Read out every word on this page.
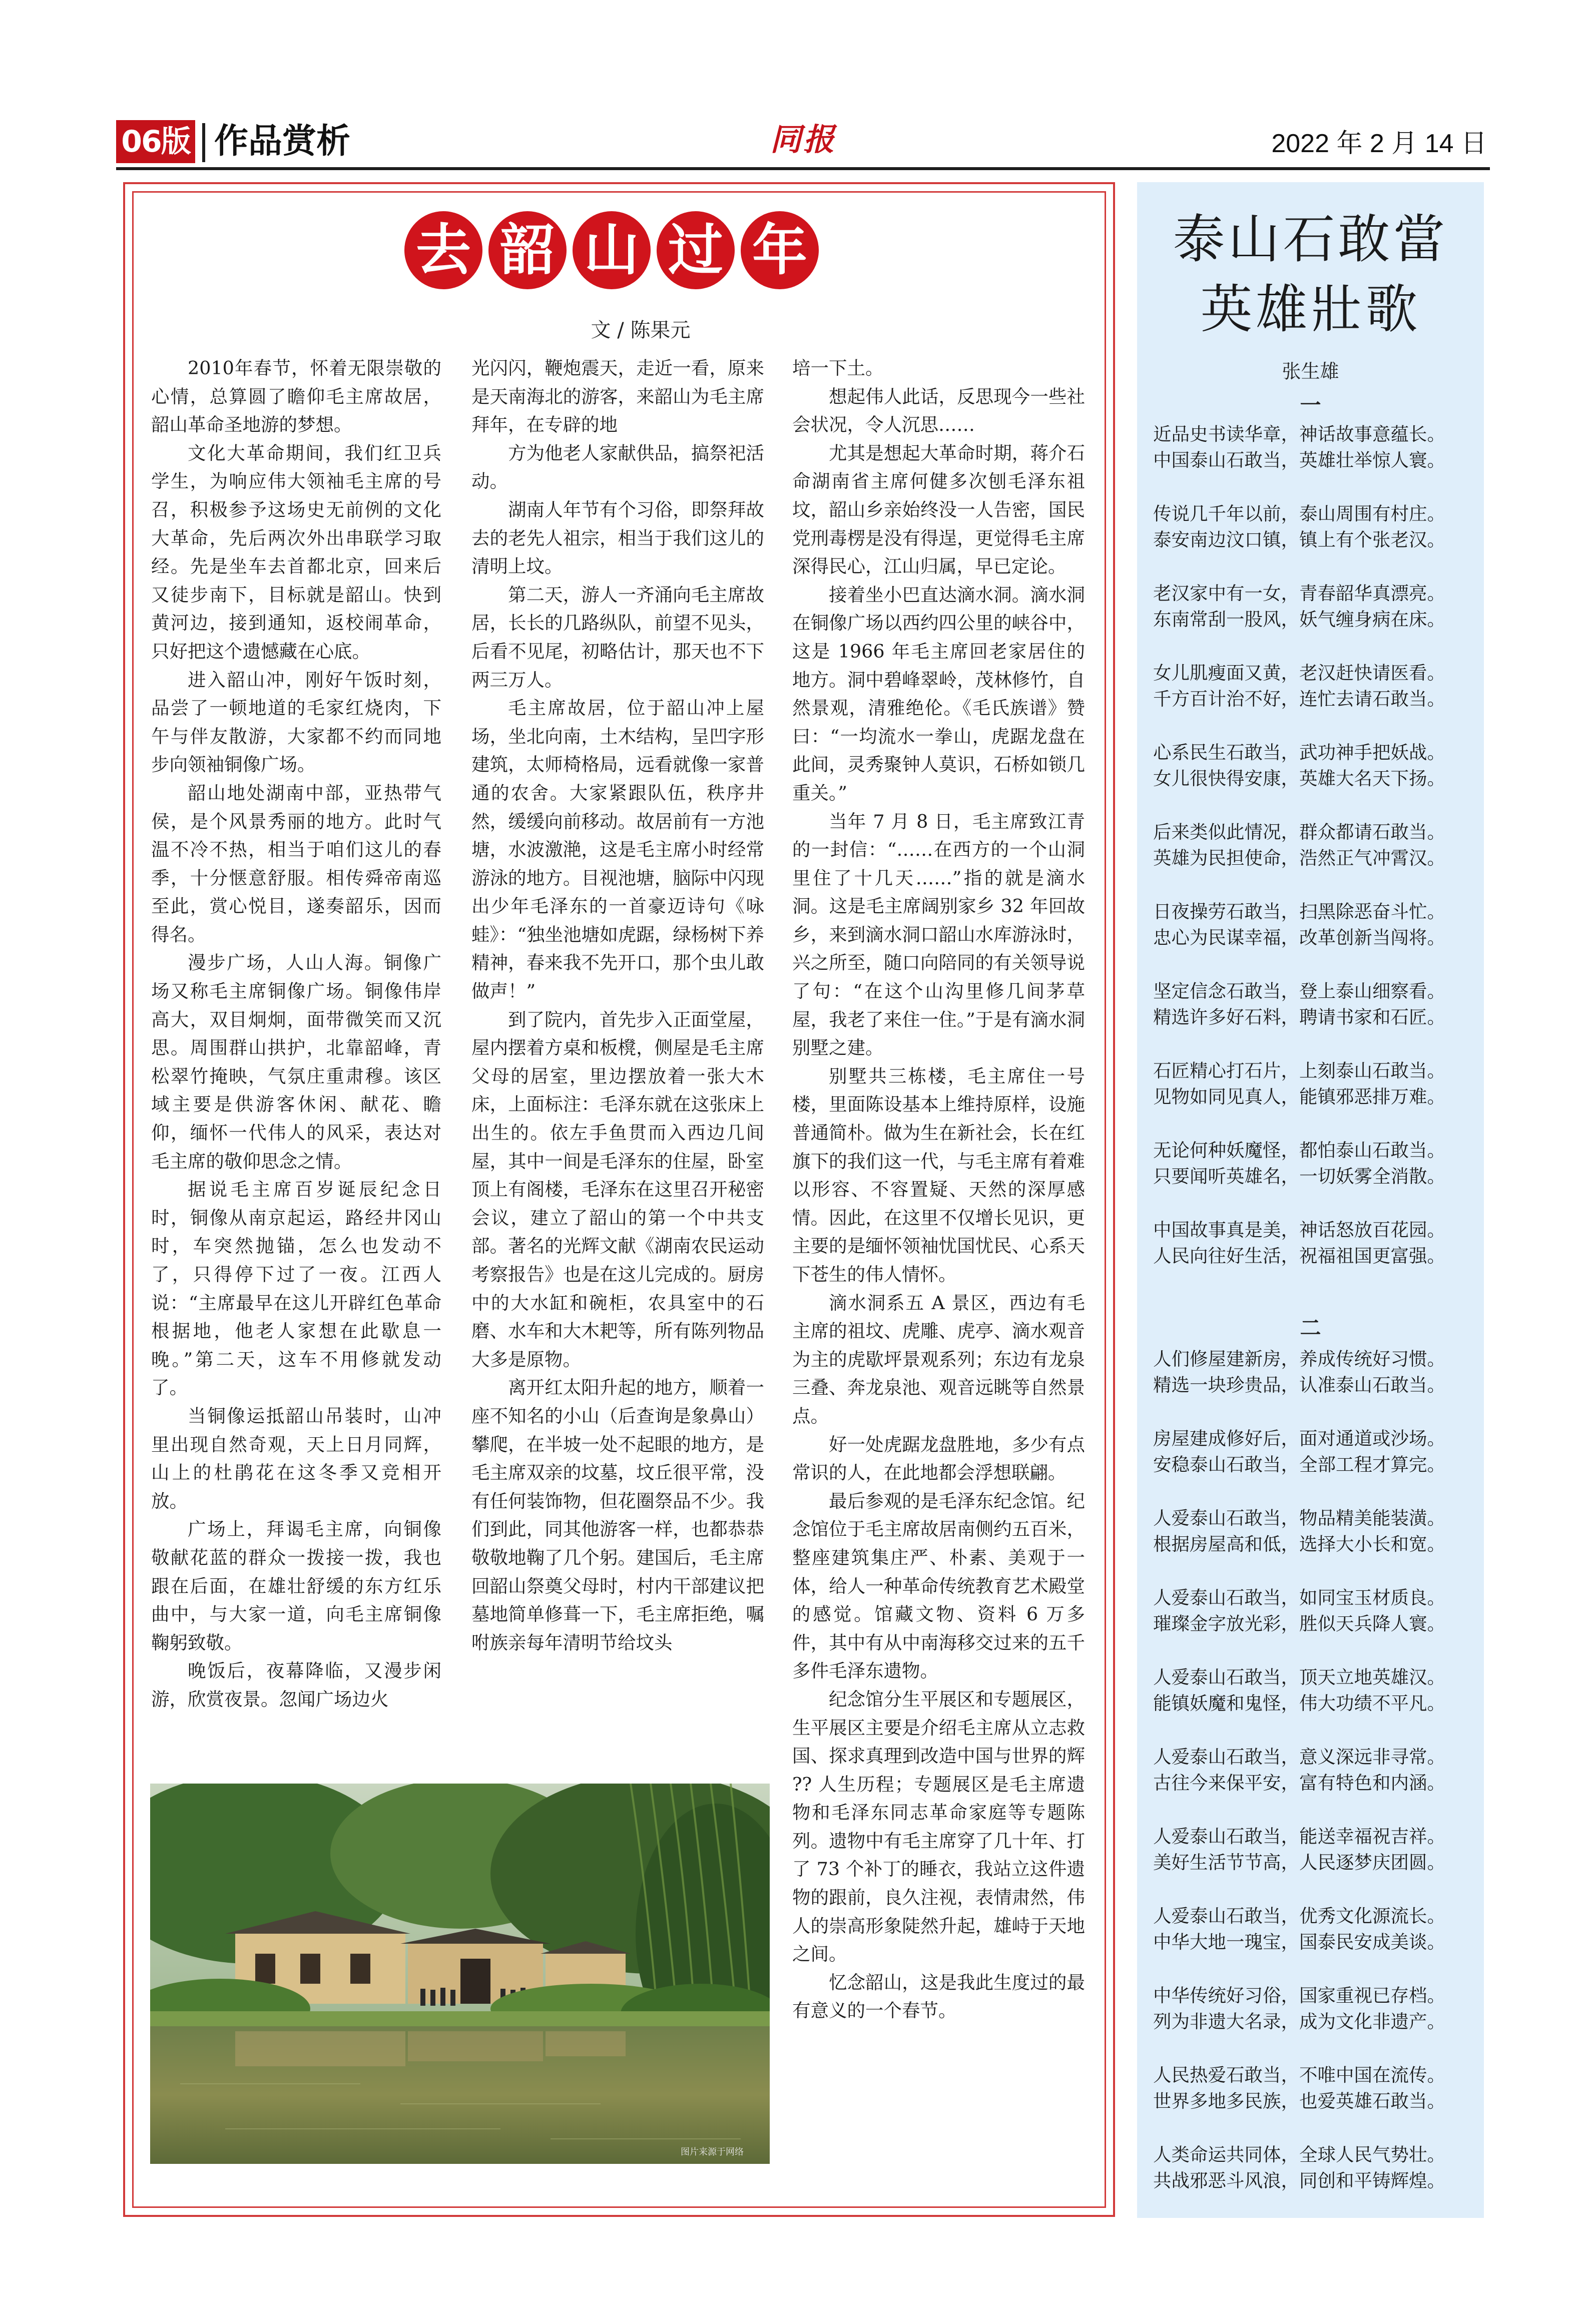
06版 作品赏析	同报	2022 年 2 月 14 日
去 韶 山 过 年
文 / 陈果元

2010年春节，怀着无限崇敬的心情，总算圆了瞻仰毛主席故居，韶山革命圣地游的梦想。

文化大革命期间，我们红卫兵学生，为响应伟大领袖毛主席的号召，积极参予这场史无前例的文化大革命，先后两次外出串联学习取经。先是坐车去首都北京，回来后又徒步南下，目标就是韶山。快到黄河边，接到通知，返校闹革命，只好把这个遗憾藏在心底。

进入韶山冲，刚好午饭时刻，品尝了一顿地道的毛家红烧肉，下午与伴友散游，大家都不约而同地步向领袖铜像广场。

韶山地处湖南中部，亚热带气侯，是个风景秀丽的地方。此时气温不冷不热，相当于咱们这儿的春季，十分惬意舒服。相传舜帝南巡至此，赏心悦目，遂奏韶乐，因而得名。

漫步广场，人山人海。铜像广场又称毛主席铜像广场。铜像伟岸高大，双目炯炯，面带微笑而又沉思。周围群山拱护，北靠韶峰，青松翠竹掩映，气氛庄重肃穆。该区域主要是供游客休闲、献花、瞻仰，缅怀一代伟人的风采，表达对毛主席的敬仰思念之情。

据说毛主席百岁诞辰纪念日时，铜像从南京起运，路经井冈山时，车突然抛锚，怎么也发动不了，只得停下过了一夜。江西人说：“主席最早在这儿开辟红色革命根据地，他老人家想在此歇息一晚。”第二天，这车不用修就发动了。

当铜像运抵韶山吊装时，山冲里出现自然奇观，天上日月同辉，山上的杜鹃花在这冬季又竞相开放。

广场上，拜谒毛主席，向铜像敬献花蓝的群众一拨接一拨，我也跟在后面，在雄壮舒缓的东方红乐曲中，与大家一道，向毛主席铜像鞠躬致敬。

晚饭后，夜幕降临，又漫步闲游，欣赏夜景。忽闻广场边火

光闪闪，鞭炮震天，走近一看，原来是天南海北的游客，来韶山为毛主席拜年，在专辟的地

方为他老人家献供品，搞祭祀活动。

湖南人年节有个习俗，即祭拜故去的老先人祖宗，相当于我们这儿的清明上坟。

第二天，游人一齐涌向毛主席故居，长长的几路纵队，前望不见头，后看不见尾，初略估计，那天也不下两三万人。

毛主席故居，位于韶山冲上屋场，坐北向南，土木结构，呈凹字形建筑，太师椅格局，远看就像一家普通的农舍。大家紧跟队伍，秩序井然，缓缓向前移动。故居前有一方池塘，水波激滟，这是毛主席小时经常游泳的地方。目视池塘，脑际中闪现出少年毛泽东的一首豪迈诗句《咏蛙》：“独坐池塘如虎踞，绿杨树下养精神，春来我不先开口，那个虫儿敢做声！”

到了院内，首先步入正面堂屋，屋内摆着方桌和板櫈，侧屋是毛主席父母的居室，里边摆放着一张大木床，上面标注：毛泽东就在这张床上出生的。依左手鱼贯而入西边几间屋，其中一间是毛泽东的住屋，卧室顶上有阁楼，毛泽东在这里召开秘密会议，建立了韶山的第一个中共支部。著名的光辉文献《湖南农民运动考察报告》也是在这儿完成的。厨房中的大水缸和碗柜，农具室中的石磨、水车和大木耙等，所有陈列物品大多是原物。

离开红太阳升起的地方，顺着一座不知名的小山（后查询是象鼻山）攀爬，在半坡一处不起眼的地方，是毛主席双亲的坟墓，坟丘很平常，没有任何装饰物，但花圈祭品不少。我们到此，同其他游客一样，也都恭恭敬敬地鞠了几个躬。建国后，毛主席回韶山祭奠父母时，村内干部建议把墓地简单修葺一下，毛主席拒绝，嘱咐族亲每年清明节给坟头

培一下土。

想起伟人此话，反思现今一些社会状况，令人沉思……

尤其是想起大革命时期，蒋介石命湖南省主席何健多次刨毛泽东祖坟，韶山乡亲始终没一人告密，国民党刑毒楞是没有得逞，更觉得毛主席深得民心，江山归属，早已定论。

接着坐小巴直达滴水洞。滴水洞在铜像广场以西约四公里的峡谷中，这是 1966 年毛主席回老家居住的地方。洞中碧峰翠岭，茂林修竹，自然景观，清雅绝伦。《毛氏族谱》赞曰：“一均流水一拳山，虎踞龙盘在此间，灵秀聚钟人莫识，石桥如锁几重关。”

当年 7 月 8 日，毛主席致江青的一封信：“……在西方的一个山洞里住了十几天……”指的就是滴水洞。这是毛主席阔别家乡 32 年回故乡，来到滴水洞口韶山水库游泳时，兴之所至，随口向陪同的有关领导说了句：“在这个山沟里修几间茅草屋，我老了来住一住。”于是有滴水洞别墅之建。

别墅共三栋楼，毛主席住一号楼，里面陈设基本上维持原样，设施普通简朴。做为生在新社会，长在红旗下的我们这一代，与毛主席有着难以形容、不容置疑、天然的深厚感情。因此，在这里不仅增长见识，更主要的是缅怀领袖忧国忧民、心系天下苍生的伟人情怀。

滴水洞系五 A 景区，西边有毛主席的祖坟、虎雕、虎亭、滴水观音为主的虎歇坪景观系列；东边有龙泉三叠、奔龙泉池、观音远眺等自然景点。

好一处虎踞龙盘胜地，多少有点常识的人，在此地都会浮想联翩。

最后参观的是毛泽东纪念馆。纪念馆位于毛主席故居南侧约五百米，整座建筑集庄严、朴素、美观于一体，给人一种革命传统教育艺术殿堂的感觉。馆藏文物、资料 6 万多件，其中有从中南海移交过来的五千多件毛泽东遗物。

纪念馆分生平展区和专题展区，生平展区主要是介绍毛主席从立志救国、探求真理到改造中国与世界的辉 ?? 人生历程；专题展区是毛主席遗物和毛泽东同志革命家庭等专题陈列。遗物中有毛主席穿了几十年、打了 73 个补丁的睡衣，我站立这件遗物的跟前，良久注视，表情肃然，伟人的崇高形象陡然升起，雄峙于天地之间。

忆念韶山，这是我此生度过的最有意义的一个春节。

图片来源于网络
泰山石敢當
英雄壯歌
张生雄
一
近品史书读华章，神话故事意蕴长。
中国泰山石敢当，英雄壮举惊人寰。
传说几千年以前，泰山周围有村庄。
泰安南边汶口镇，镇上有个张老汉。
老汉家中有一女，青春韶华真漂亮。
东南常刮一股风，妖气缠身病在床。
女儿肌瘦面又黄，老汉赶快请医看。
千方百计治不好，连忙去请石敢当。
心系民生石敢当，武功神手把妖战。
女儿很快得安康，英雄大名天下扬。
后来类似此情况，群众都请石敢当。
英雄为民担使命，浩然正气冲霄汉。
日夜操劳石敢当，扫黑除恶奋斗忙。
忠心为民谋幸福，改革创新当闯将。
坚定信念石敢当，登上泰山细察看。
精选许多好石料，聘请书家和石匠。
石匠精心打石片，上刻泰山石敢当。
见物如同见真人，能镇邪恶排万难。
无论何种妖魔怪，都怕泰山石敢当。
只要闻听英雄名，一切妖雾全消散。
中国故事真是美，神话怒放百花园。
人民向往好生活，祝福祖国更富强。
二
人们修屋建新房，养成传统好习惯。
精选一块珍贵品，认准泰山石敢当。
房屋建成修好后，面对通道或沙场。
安稳泰山石敢当，全部工程才算完。
人爱泰山石敢当，物品精美能装潢。
根据房屋高和低，选择大小长和宽。
人爱泰山石敢当，如同宝玉材质良。
璀璨金字放光彩，胜似天兵降人寰。
人爱泰山石敢当，顶天立地英雄汉。
能镇妖魔和鬼怪，伟大功绩不平凡。
人爱泰山石敢当，意义深远非寻常。
古往今来保平安，富有特色和内涵。
人爱泰山石敢当，能送幸福祝吉祥。
美好生活节节高，人民逐梦庆团圆。
人爱泰山石敢当，优秀文化源流长。
中华大地一瑰宝，国泰民安成美谈。
中华传统好习俗，国家重视已存档。
列为非遗大名录，成为文化非遗产。
人民热爱石敢当，不唯中国在流传。
世界多地多民族，也爱英雄石敢当。
人类命运共同体，全球人民气势壮。
共战邪恶斗风浪，同创和平铸辉煌。
